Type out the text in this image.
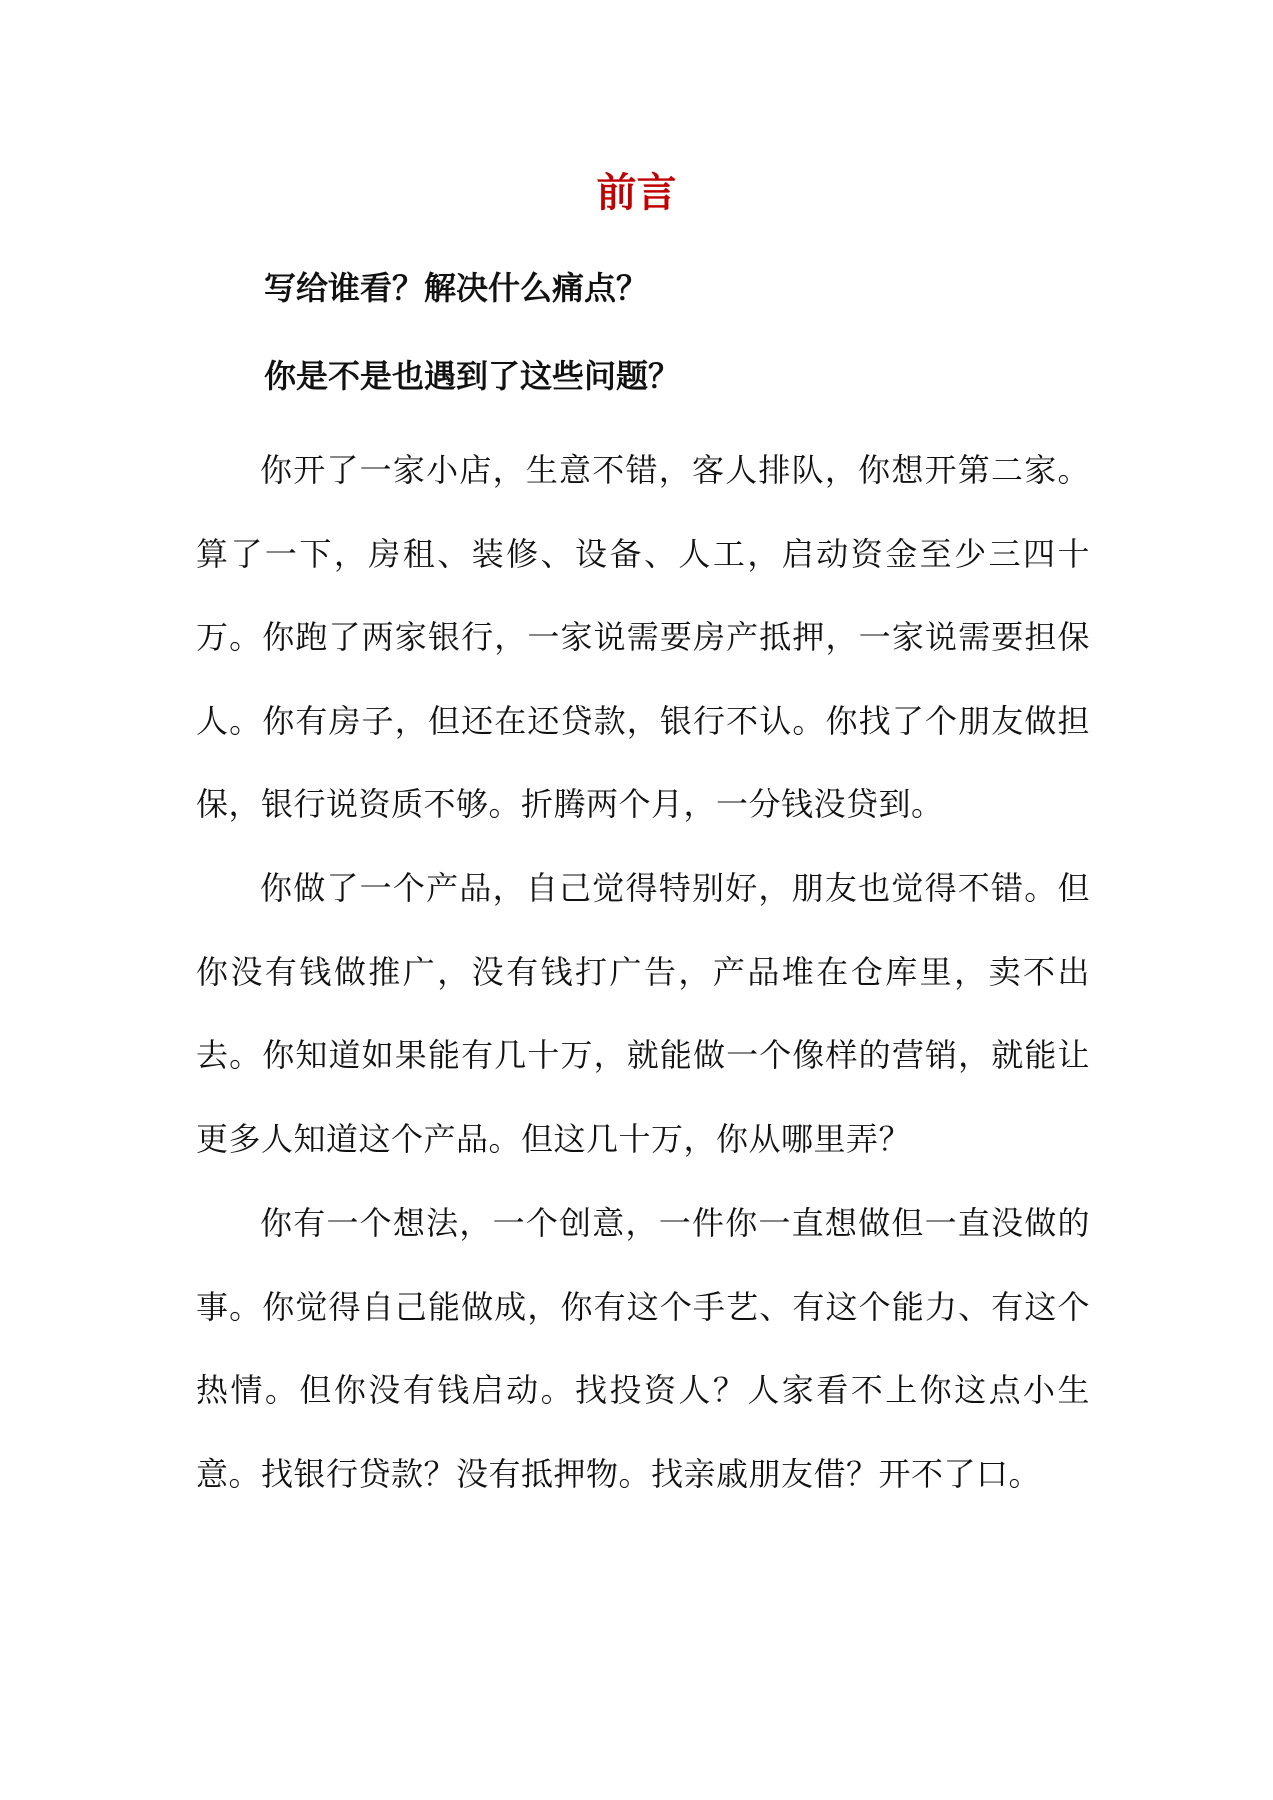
前言

写给谁看？解决什么痛点？

你是不是也遇到了这些问题？

你开了一家小店，生意不错，客人排队，你想开第二家。算了一下，房租、装修、设备、人工，启动资金至少三四十万。你跑了两家银行，一家说需要房产抵押，一家说需要担保人。你有房子，但还在还贷款，银行不认。你找了个朋友做担保，银行说资质不够。折腾两个月，一分钱没贷到。

你做了一个产品，自己觉得特别好，朋友也觉得不错。但你没有钱做推广，没有钱打广告，产品堆在仓库里，卖不出去。你知道如果能有几十万，就能做一个像样的营销，就能让更多人知道这个产品。但这几十万，你从哪里弄？

你有一个想法，一个创意，一件你一直想做但一直没做的事。你觉得自己能做成，你有这个手艺、有这个能力、有这个热情。但你没有钱启动。找投资人？人家看不上你这点小生意。找银行贷款？没有抵押物。找亲戚朋友借？开不了口。
